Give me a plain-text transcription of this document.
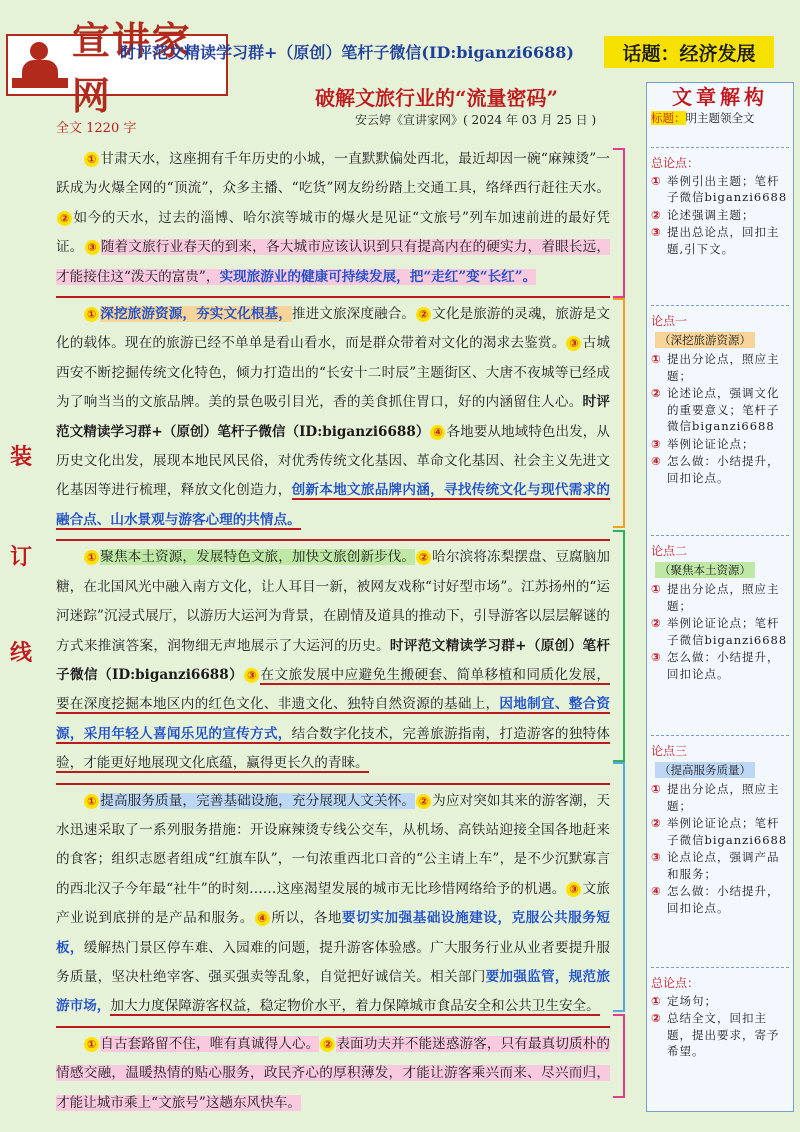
宣讲家网
时评范文精读学习群+（原创）笔杆子微信(ID:biganzi6688)	话题：经济发展
破解文旅行业的“流量密码”
安云婷《宣讲家网》( 2024 年 03 月 25 日 )
全文 1220 字
装
订
线

① 甘肃天水，这座拥有千年历史的小城，一直默默偏处西北，最近却因一碗“麻辣烫”一跃成为火爆全网的“顶流”，众多主播、“吃货”网友纷纷踏上交通工具，络绎西行赶往天水。② 如今的天水，过去的淄博、哈尔滨等城市的爆火是见证“文旅号”列车加速前进的最好凭证。 ③ 随着文旅行业春天的到来，各大城市应该认识到只有提高内在的硬实力，着眼长远，才能接住这“泼天的富贵”，实现旅游业的健康可持续发展，把“走红”变“长红”。

① 深挖旅游资源，夯实文化根基，推进文旅深度融合。 ② 文化是旅游的灵魂，旅游是文化的载体。现在的旅游已经不单单是看山看水，而是群众带着对文化的渴求去鉴赏。 ③ 古城西安不断挖掘传统文化特色，倾力打造出的“长安十二时辰”主题街区、大唐不夜城等已经成为了响当当的文旅品牌。美的景色吸引目光，香的美食抓住胃口，好的内涵留住人心。时评范文精读学习群+（原创）笔杆子微信（ID:biganzi6688） ④ 各地要从地域特色出发，从历史文化出发，展现本地民风民俗，对优秀传统文化基因、革命文化基因、社会主义先进文化基因等进行梳理，释放文化创造力，创新本地文旅品牌内涵，寻找传统文化与现代需求的融合点、山水景观与游客心理的共情点。

① 聚焦本土资源，发展特色文旅，加快文旅创新步伐。 ② 哈尔滨将冻梨摆盘、豆腐脑加糖，在北国风光中融入南方文化，让人耳目一新，被网友戏称“讨好型市场”。江苏扬州的“运河迷踪”沉浸式展厅，以游历大运河为背景，在剧情及道具的推动下，引导游客以层层解谜的方式来推演答案，润物细无声地展示了大运河的历史。时评范文精读学习群+（原创）笔杆子微信（ID:biganzi6688） ③ 在文旅发展中应避免生搬硬套、简单移植和同质化发展，要在深度挖掘本地区内的红色文化、非遗文化、独特自然资源的基础上，因地制宜、整合资源，采用年轻人喜闻乐见的宣传方式，结合数字化技术，完善旅游指南，打造游客的独特体验，才能更好地展现文化底蕴，赢得更长久的青睐。

① 提高服务质量，完善基础设施，充分展现人文关怀。 ② 为应对突如其来的游客潮，天水迅速采取了一系列服务措施：开设麻辣烫专线公交车，从机场、高铁站迎接全国各地赶来的食客；组织志愿者组成“红旗车队”，一句浓重西北口音的“公主请上车”，是不少沉默寡言的西北汉子今年最“社牛”的时刻……这座渴望发展的城市无比珍惜网络给予的机遇。 ③ 文旅产业说到底拼的是产品和服务。 ④ 所以，各地要切实加强基础设施建设，克服公共服务短板，缓解热门景区停车难、入园难的问题，提升游客体验感。广大服务行业从业者要提升服务质量，坚决杜绝宰客、强买强卖等乱象，自觉把好诚信关。相关部门要加强监管，规范旅游市场，加大力度保障游客权益，稳定物价水平，着力保障城市食品安全和公共卫生安全。

① 自古套路留不住，唯有真诚得人心。 ② 表面功夫并不能迷惑游客，只有最真切质朴的情感交融，温暖热情的贴心服务，政民齐心的厚积薄发，才能让游客乘兴而来、尽兴而归，才能让城市乘上“文旅号”这趟东风快车。

文章解构
标题：明主题领全文
总论点：
① 举例引出主题；笔杆子微信biganzi6688
② 论述强调主题；
③ 提出总论点，回扣主题,引下文。
论点一
（深挖旅游资源）
① 提出分论点，照应主题；
② 论述论点，强调文化的重要意义；笔杆子微信biganzi6688
③ 举例论证论点；
④ 怎么做：小结提升，回扣论点。
论点二
（聚焦本土资源）
① 提出分论点，照应主题；
② 举例论证论点；笔杆子微信biganzi6688
③ 怎么做：小结提升，回扣论点。
论点三
（提高服务质量）
① 提出分论点，照应主题；
② 举例论证论点；笔杆子微信biganzi6688
③ 论点论点，强调产品和服务；
④ 怎么做：小结提升，回扣论点。
总论点：
① 定场句；
② 总结全文，回扣主题，提出要求，寄予希望。
